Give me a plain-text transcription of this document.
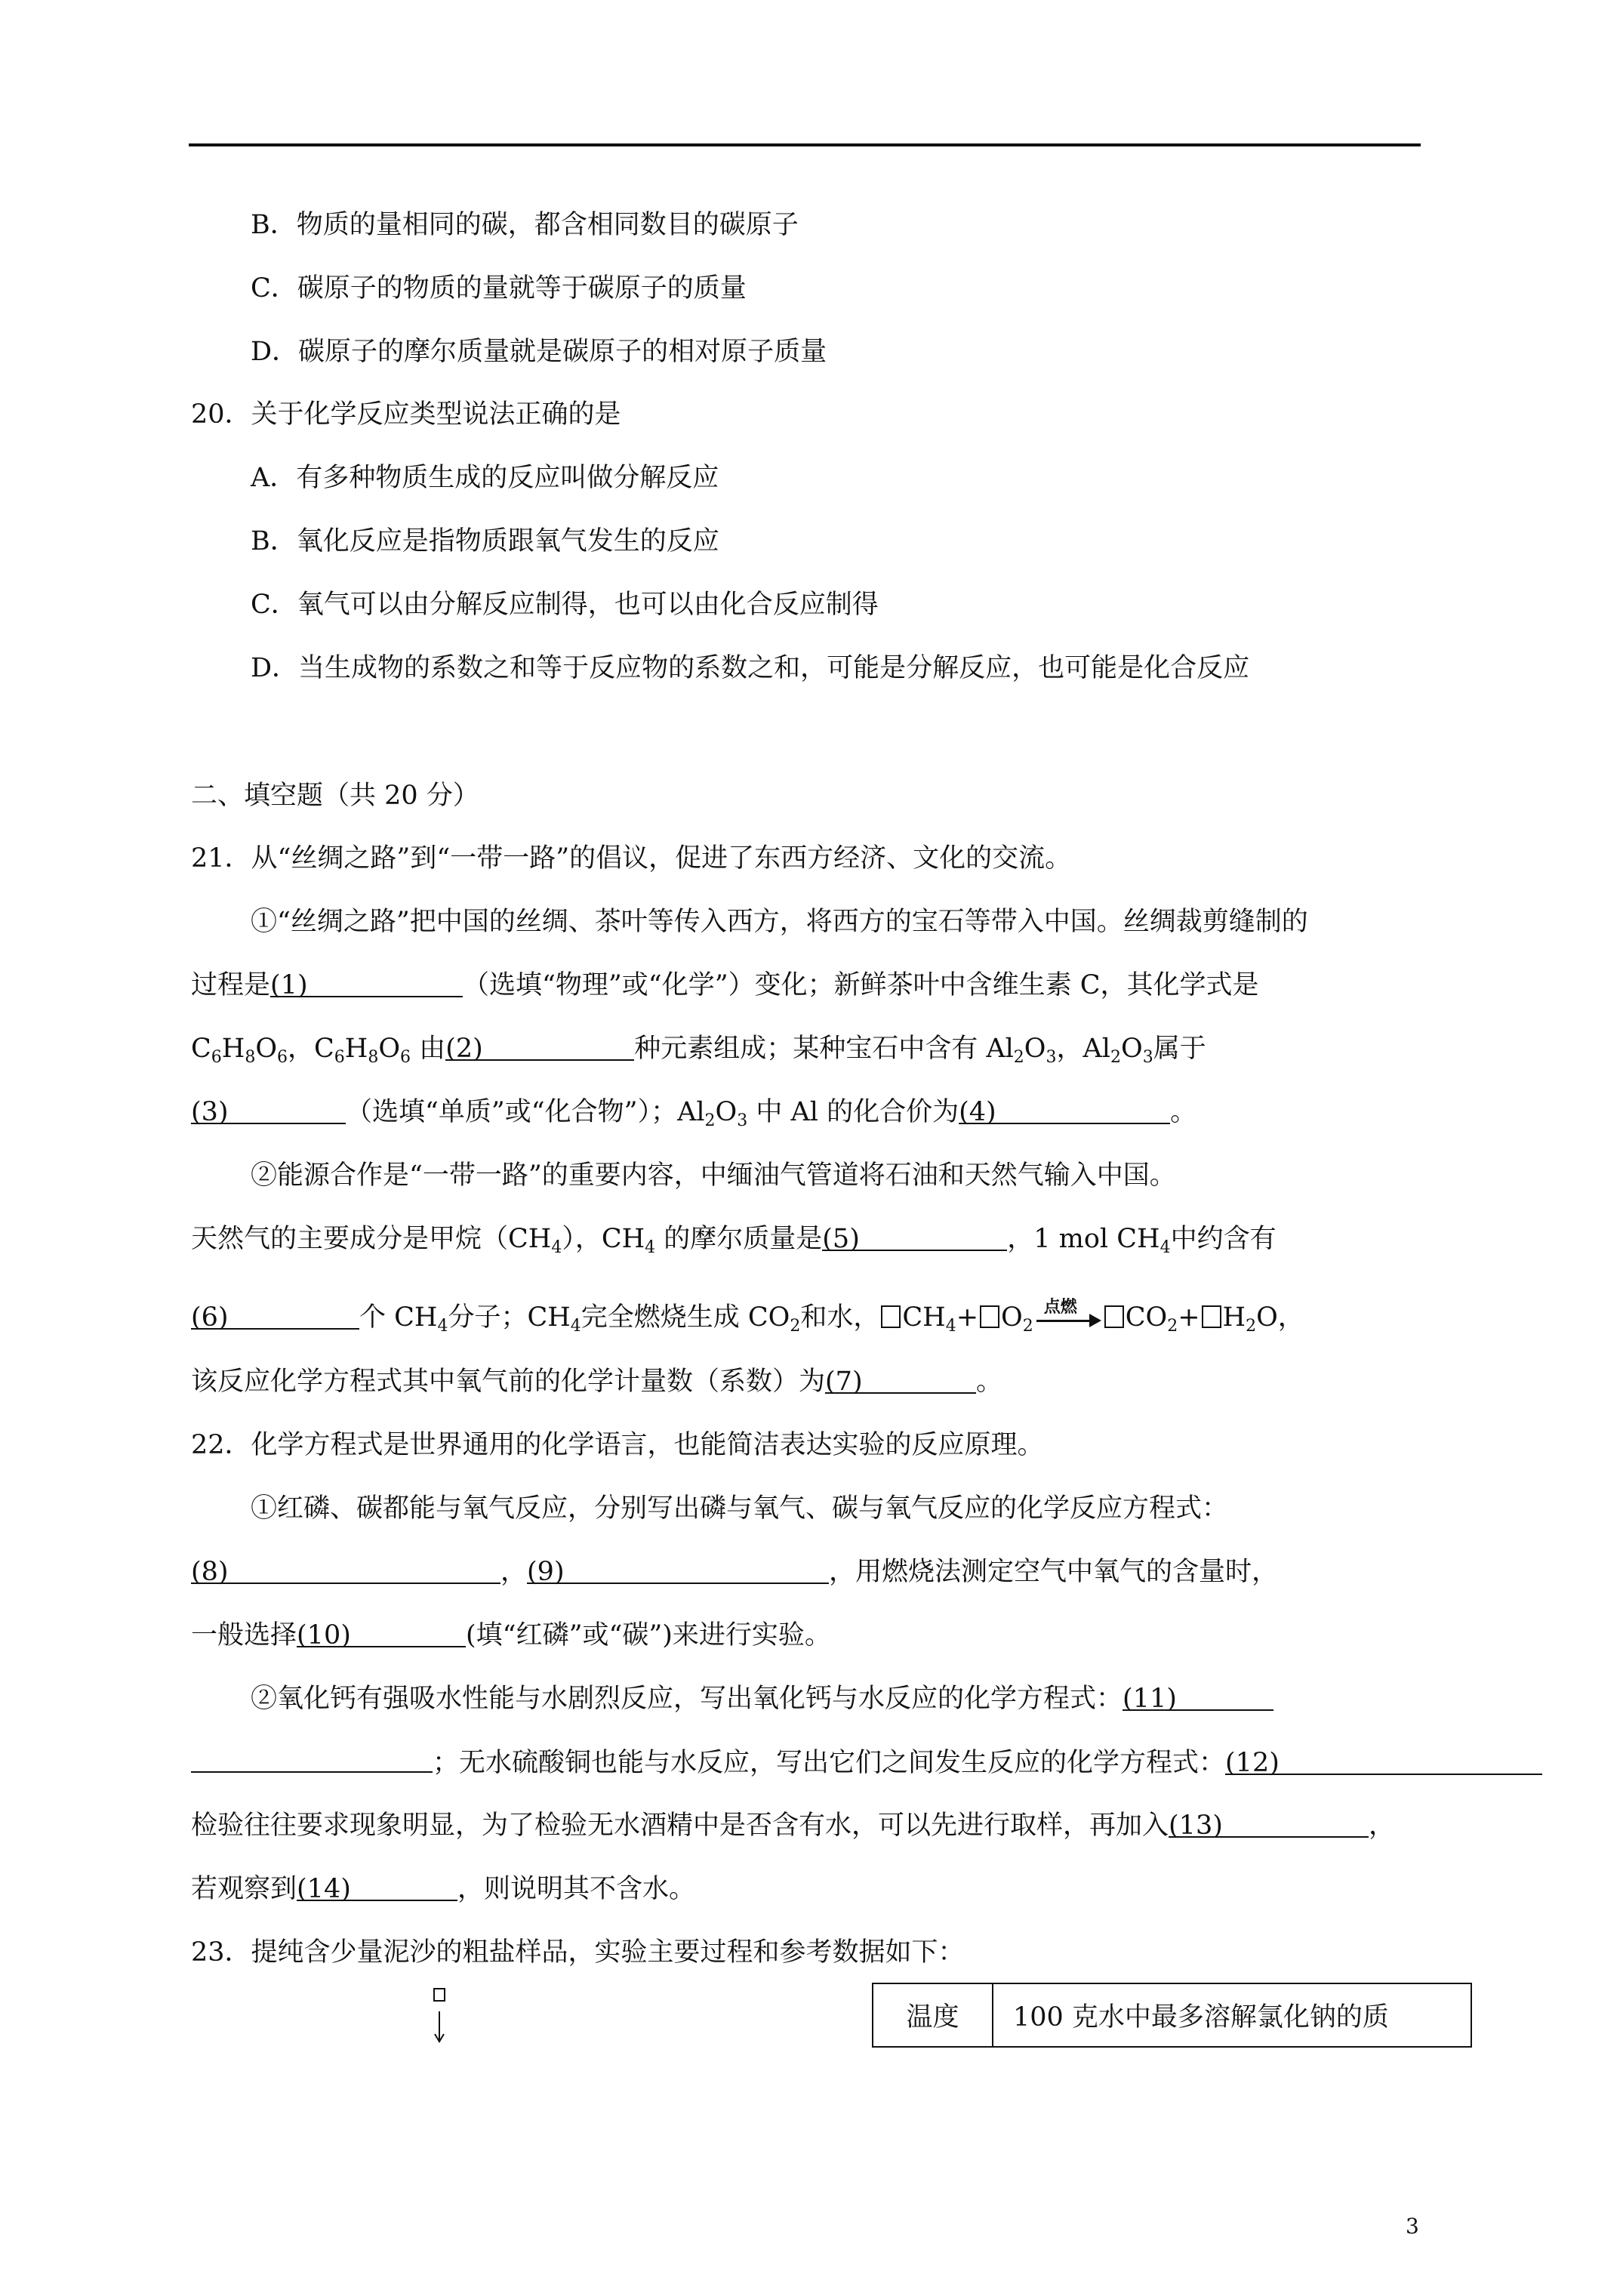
B．物质的量相同的碳，都含相同数目的碳原子
C．碳原子的物质的量就等于碳原子的质量
D．碳原子的摩尔质量就是碳原子的相对原子质量
20．关于化学反应类型说法正确的是
A．有多种物质生成的反应叫做分解反应
B．氧化反应是指物质跟氧气发生的反应
C．氧气可以由分解反应制得，也可以由化合反应制得
D．当生成物的系数之和等于反应物的系数之和，可能是分解反应，也可能是化合反应
二、填空题（共 20 分）
21．从“丝绸之路”到“一带一路”的倡议，促进了东西方经济、文化的交流。
①“丝绸之路”把中国的丝绸、茶叶等传入西方，将西方的宝石等带入中国。丝绸裁剪缝制的
过程是(1)	（选填“物理”或“化学”）变化；新鲜茶叶中含维生素 C，其化学式是
$C_6H_8O_6$，$C_6H_8O_6$ 由(2)	种元素组成；某种宝石中含有 $Al_2O_3$，$Al_2O_3$属于
(3)	（选填“单质”或“化合物”）；$Al_2O_3$ 中 Al 的化合价为(4)	。
②能源合作是“一带一路”的重要内容，中缅油气管道将石油和天然气输入中国。
天然气的主要成分是甲烷$(CH_4)$，$CH_4$ 的摩尔质量是(5)	，1 mol $CH_4$中约含有
(6)	个 $CH_4$分子；$CH_4$完全燃烧生成 $CO_2$和水， $CH_4+ O_2$
点燃 $CO_2+ H_2O$，
该反应化学方程式其中氧气前的化学计量数（系数）为(7)	。
22．化学方程式是世界通用的化学语言，也能简洁表达实验的反应原理。
①红磷、碳都能与氧气反应，分别写出磷与氧气、碳与氧气反应的化学反应方程式：
(8)	，(9)	，用燃烧法测定空气中氧气的含量时，
一般选择(10)	(填“红磷”或“碳”)来进行实验。
②氧化钙有强吸水性能与水剧烈反应，写出氧化钙与水反应的化学方程式：(11)
；无水硫酸铜也能与水反应，写出它们之间发生反应的化学方程式：(12)
检验往往要求现象明显，为了检验无水酒精中是否含有水，可以先进行取样，再加入(13)	，
若观察到(14)	，则说明其不含水。
23．提纯含少量泥沙的粗盐样品，实验主要过程和参考数据如下：
温度	100 克水中最多溶解氯化钠的质
3
